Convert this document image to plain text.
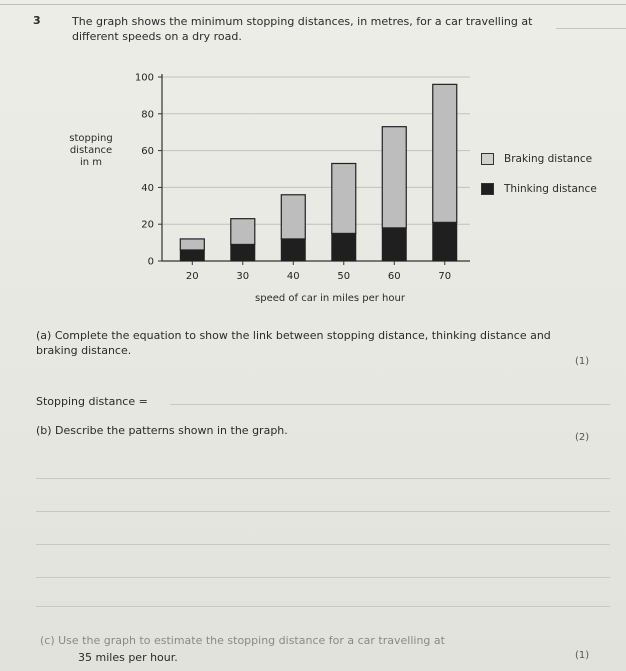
3	The graph shows the minimum stopping distances, in metres, for a car travelling at different speeds on a dry road.
0
20
40
60
80
100
20	30	40	50	60	70
stopping
distance
in m
speed of car in miles per hour
Braking distance
Thinking distance
(a) Complete the equation to show the link between stopping distance, thinking distance and braking distance.
(1)
Stopping distance =
(b) Describe the patterns shown in the graph.
(2)
(c) Use the graph to estimate the stopping distance for a car travelling at
35 miles per hour.	(1)
